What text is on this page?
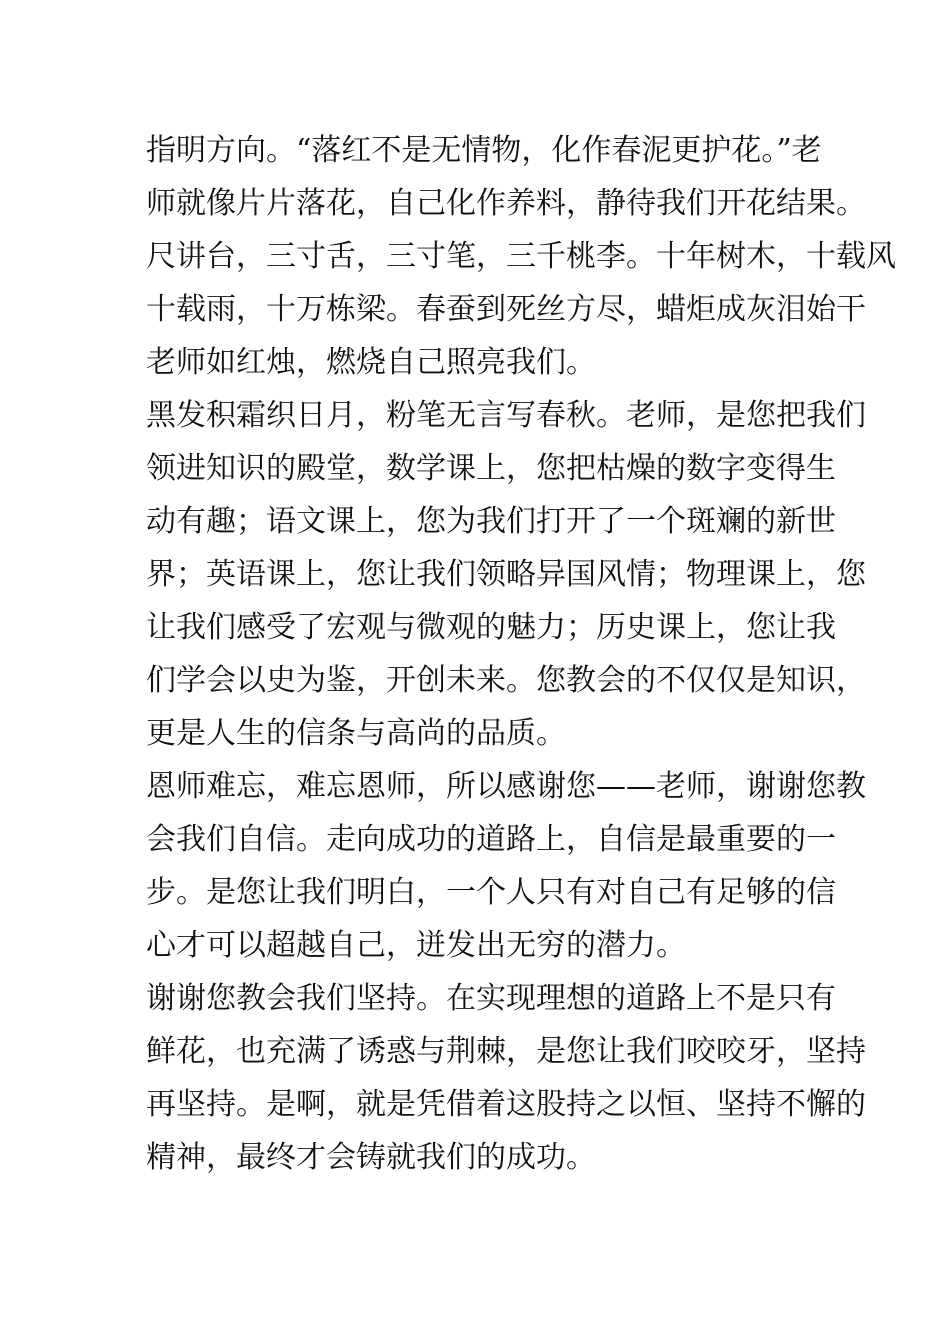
指明方向。“落红不是无情物，化作春泥更护花。”老
师就像片片落花，自己化作养料，静待我们开花结果。
尺讲台，三寸舌，三寸笔，三千桃李。十年树木，十载风
十载雨，十万栋梁。春蚕到死丝方尽，蜡炬成灰泪始干
老师如红烛，燃烧自己照亮我们。
黑发积霜织日月，粉笔无言写春秋。老师，是您把我们
领进知识的殿堂，数学课上，您把枯燥的数字变得生
动有趣；语文课上，您为我们打开了一个斑斓的新世
界；英语课上，您让我们领略异国风情；物理课上，您
让我们感受了宏观与微观的魅力；历史课上，您让我
们学会以史为鉴，开创未来。您教会的不仅仅是知识，
更是人生的信条与高尚的品质。
恩师难忘，难忘恩师，所以感谢您——老师，谢谢您教
会我们自信。走向成功的道路上，自信是最重要的一
步。是您让我们明白，一个人只有对自己有足够的信
心才可以超越自己，迸发出无穷的潜力。
谢谢您教会我们坚持。在实现理想的道路上不是只有
鲜花，也充满了诱惑与荆棘，是您让我们咬咬牙，坚持
再坚持。是啊，就是凭借着这股持之以恒、坚持不懈的
精神，最终才会铸就我们的成功。
